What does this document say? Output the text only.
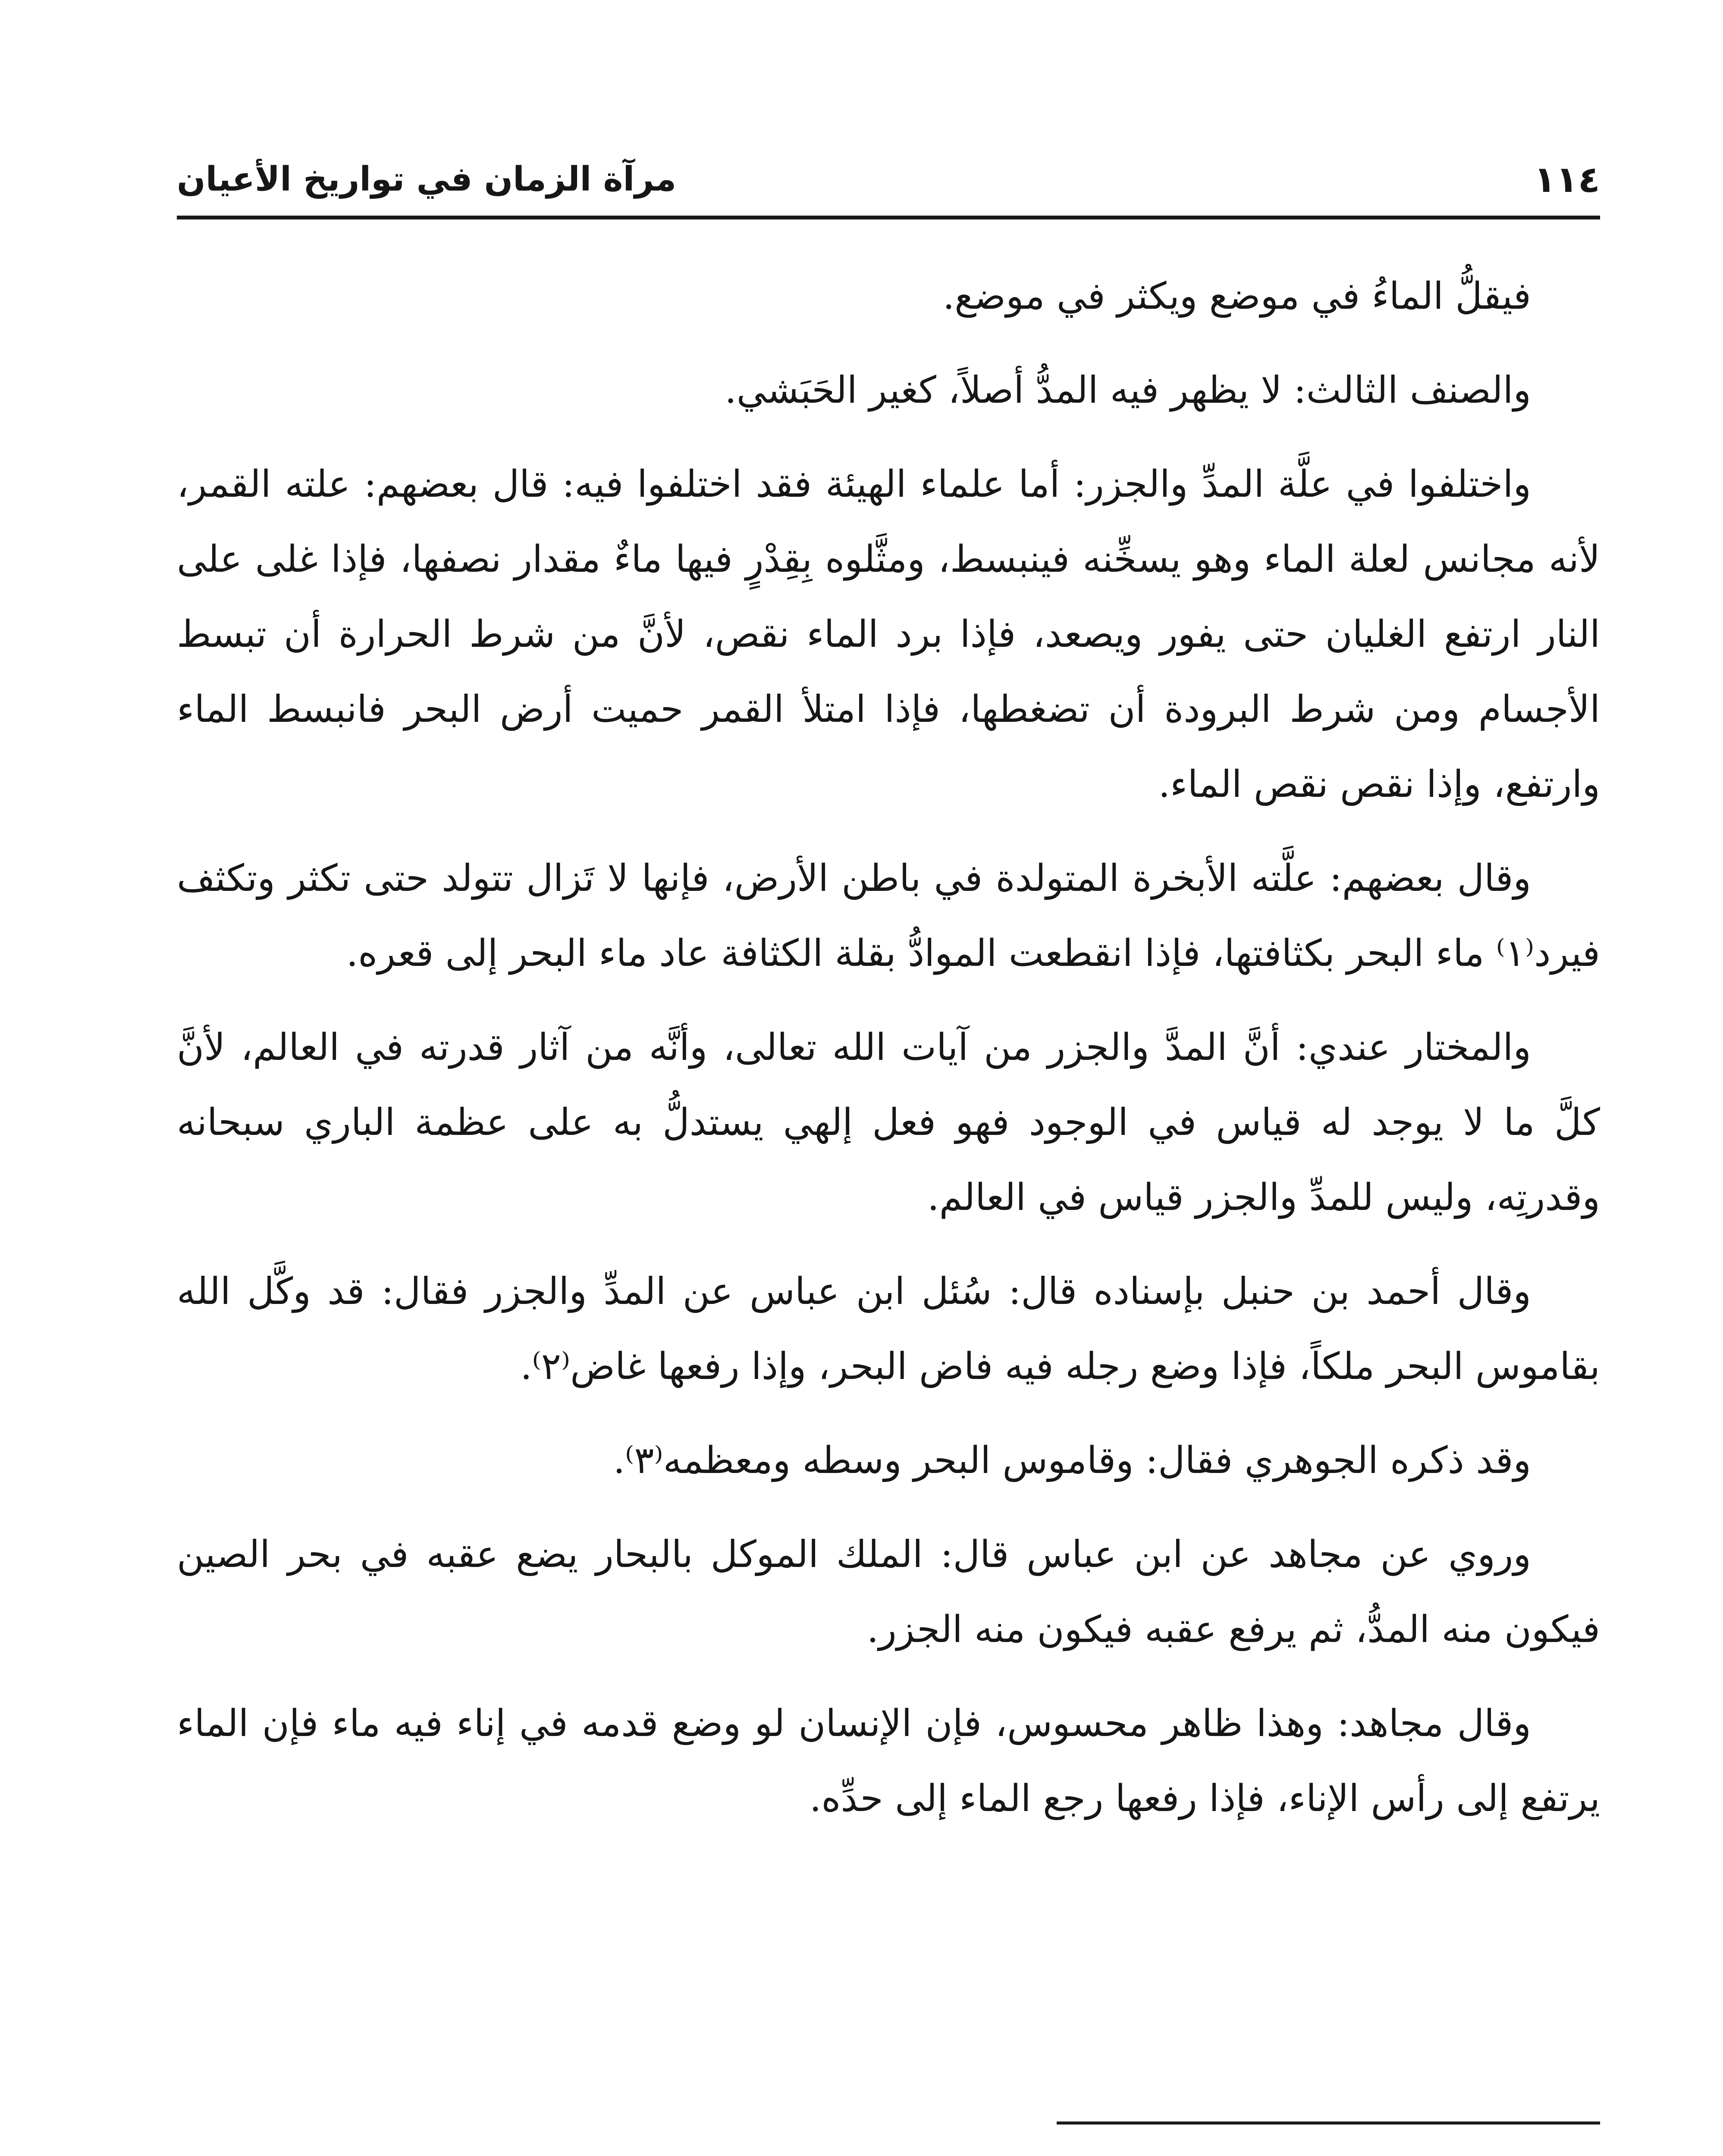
١١٤
مرآة الزمان في تواريخ الأعيان

فيقلُّ الماءُ في موضع ويكثر في موضع.

والصنف الثالث: لا يظهر فيه المدُّ أصلاً، كغير الحَبَشي.

واختلفوا في علَّة المدِّ والجزر: أما علماء الهيئة فقد اختلفوا فيه: قال بعضهم: علته القمر، لأنه مجانس لعلة الماء وهو يسخِّنه فينبسط، ومثَّلوه بِقِدْرٍ فيها ماءٌ مقدار نصفها، فإذا غلى على النار ارتفع الغليان حتى يفور ويصعد، فإذا برد الماء نقص، لأنَّ من شرط الحرارة أن تبسط الأجسام ومن شرط البرودة أن تضغطها، فإذا امتلأ القمر حميت أرض البحر فانبسط الماء وارتفع، وإذا نقص نقص الماء.

وقال بعضهم: علَّته الأبخرة المتولدة في باطن الأرض، فإنها لا تَزال تتولد حتى تكثر وتكثف فيرد⁽١⁾ ماء البحر بكثافتها، فإذا انقطعت الموادُّ بقلة الكثافة عاد ماء البحر إلى قعره.

والمختار عندي: أنَّ المدَّ والجزر من آيات الله تعالى، وأنَّه من آثار قدرته في العالم، لأنَّ كلَّ ما لا يوجد له قياس في الوجود فهو فعل إلهي يستدلُّ به على عظمة الباري سبحانه وقدرتِه، وليس للمدِّ والجزر قياس في العالم.

وقال أحمد بن حنبل بإسناده قال: سُئل ابن عباس عن المدِّ والجزر فقال: قد وكَّل الله بقاموس البحر ملكاً، فإذا وضع رجله فيه فاض البحر، وإذا رفعها غاض⁽٢⁾.

وقد ذكره الجوهري فقال: وقاموس البحر وسطه ومعظمه⁽٣⁾.

وروي عن مجاهد عن ابن عباس قال: الملك الموكل بالبحار يضع عقبه في بحر الصين فيكون منه المدُّ، ثم يرفع عقبه فيكون منه الجزر.

وقال مجاهد: وهذا ظاهر محسوس، فإن الإنسان لو وضع قدمه في إناء فيه ماء فإن الماء يرتفع إلى رأس الإناء، فإذا رفعها رجع الماء إلى حدِّه.
